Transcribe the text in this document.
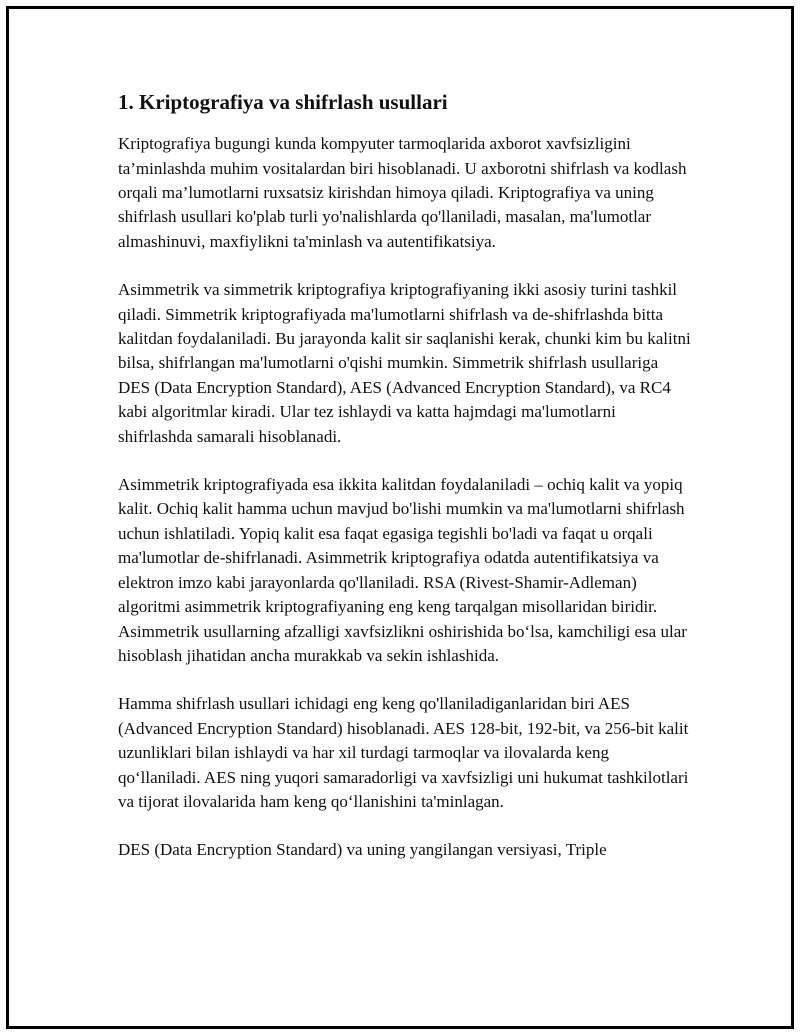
1. Kriptografiya va shifrlash usullari

Kriptografiya bugungi kunda kompyuter tarmoqlarida axborot xavfsizligini ta’minlashda muhim vositalardan biri hisoblanadi. U axborotni shifrlash va kodlash orqali ma’lumotlarni ruxsatsiz kirishdan himoya qiladi. Kriptografiya va uning shifrlash usullari ko'plab turli yo'nalishlarda qo'llaniladi, masalan, ma'lumotlar almashinuvi, maxfiylikni ta'minlash va autentifikatsiya.

Asimmetrik va simmetrik kriptografiya kriptografiyaning ikki asosiy turini tashkil qiladi. Simmetrik kriptografiyada ma'lumotlarni shifrlash va de-shifrlashda bitta kalitdan foydalaniladi. Bu jarayonda kalit sir saqlanishi kerak, chunki kim bu kalitni bilsa, shifrlangan ma'lumotlarni o'qishi mumkin. Simmetrik shifrlash usullariga DES (Data Encryption Standard), AES (Advanced Encryption Standard), va RC4 kabi algoritmlar kiradi. Ular tez ishlaydi va katta hajmdagi ma'lumotlarni shifrlashda samarali hisoblanadi.

Asimmetrik kriptografiyada esa ikkita kalitdan foydalaniladi – ochiq kalit va yopiq kalit. Ochiq kalit hamma uchun mavjud bo'lishi mumkin va ma'lumotlarni shifrlash uchun ishlatiladi. Yopiq kalit esa faqat egasiga tegishli bo'ladi va faqat u orqali ma'lumotlar de-shifrlanadi. Asimmetrik kriptografiya odatda autentifikatsiya va elektron imzo kabi jarayonlarda qo'llaniladi. RSA (Rivest-Shamir-Adleman) algoritmi asimmetrik kriptografiyaning eng keng tarqalgan misollaridan biridir. Asimmetrik usullarning afzalligi xavfsizlikni oshirishida bo‘lsa, kamchiligi esa ular hisoblash jihatidan ancha murakkab va sekin ishlashida.

Hamma shifrlash usullari ichidagi eng keng qo'llaniladiganlaridan biri AES (Advanced Encryption Standard) hisoblanadi. AES 128-bit, 192-bit, va 256-bit kalit uzunliklari bilan ishlaydi va har xil turdagi tarmoqlar va ilovalarda keng qo‘llaniladi. AES ning yuqori samaradorligi va xavfsizligi uni hukumat tashkilotlari va tijorat ilovalarida ham keng qo‘llanishini ta'minlagan.

DES (Data Encryption Standard) va uning yangilangan versiyasi, Triple
